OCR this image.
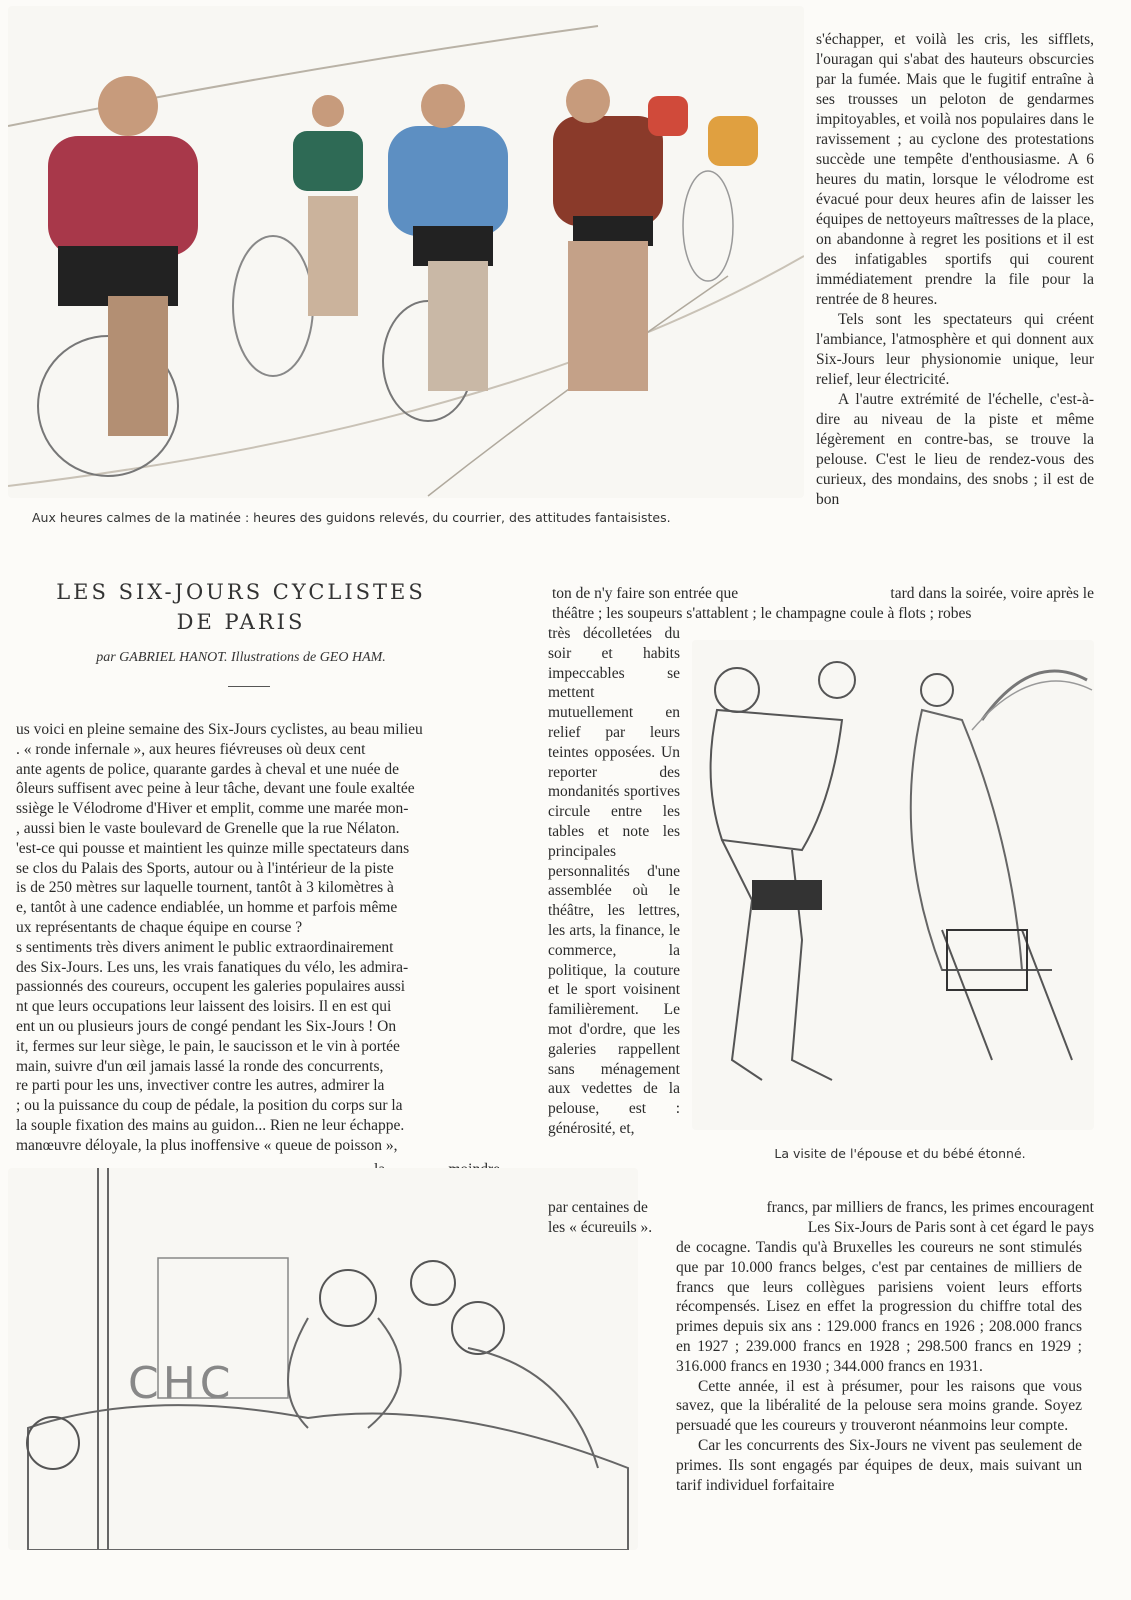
Aux heures calmes de la matinée : heures des guidons relevés, du courrier, des attitudes fantaisistes.

s'échapper, et voilà les cris, les sifflets, l'ouragan qui s'abat des hauteurs obscurcies par la fumée. Mais que le fugitif entraîne à ses trousses un peloton de gendarmes impitoyables, et voilà nos populaires dans le ravissement ; au cyclone des protestations succède une tempête d'enthousiasme. A 6 heures du matin, lorsque le vélodrome est évacué pour deux heures afin de laisser les équipes de nettoyeurs maîtresses de la place, on abandonne à regret les positions et il est des infatigables sportifs qui courent immédiatement prendre la file pour la rentrée de 8 heures.

Tels sont les spectateurs qui créent l'ambiance, l'atmosphère et qui donnent aux Six-Jours leur physionomie unique, leur relief, leur électricité.

A l'autre extrémité de l'échelle, c'est-à-dire au niveau de la piste et même légèrement en contre-bas, se trouve la pelouse. C'est le lieu de rendez-vous des curieux, des mondains, des snobs ; il est de bon

LES SIX-JOURS CYCLISTES
DE PARIS
par GABRIEL HANOT. Illustrations de GEO HAM.
ton de n'y faire son entrée que	tard dans la soirée, voire après le
théâtre ; les soupeurs s'attablent ; le champagne coule à flots ; robes
us voici en pleine semaine des Six-Jours cyclistes, au beau milieu
. « ronde infernale », aux heures fiévreuses où deux cent
ante agents de police, quarante gardes à cheval et une nuée de
ôleurs suffisent avec peine à leur tâche, devant une foule exaltée
ssiège le Vélodrome d'Hiver et emplit, comme une marée mon-
, aussi bien le vaste boulevard de Grenelle que la rue Nélaton.
'est-ce qui pousse et maintient les quinze mille spectateurs dans
se clos du Palais des Sports, autour ou à l'intérieur de la piste
is de 250 mètres sur laquelle tournent, tantôt à 3 kilomètres à
e, tantôt à une cadence endiablée, un homme et parfois même
ux représentants de chaque équipe en course ?
s sentiments très divers animent le public extraordinairement
des Six-Jours. Les uns, les vrais fanatiques du vélo, les admira-
passionnés des coureurs, occupent les galeries populaires aussi
nt que leurs occupations leur laissent des loisirs. Il en est qui
ent un ou plusieurs jours de congé pendant les Six-Jours ! On
it, fermes sur leur siège, le pain, le saucisson et le vin à portée
main, suivre d'un œil jamais lassé la ronde des concurrents,
re parti pour les uns, invectiver contre les autres, admirer la
; ou la puissance du coup de pédale, la position du corps sur la
la souple fixation des mains au guidon... Rien ne leur échappe.
manœuvre déloyale, la plus inoffensive « queue de poisson »,
très décolletées du soir et habits impeccables se mettent mutuellement en relief par leurs teintes opposées. Un reporter des mondanités sportives circule entre les tables et note les principales personnalités d'une assemblée où le théâtre, les lettres, les arts, la finance, le commerce, la politique, la couture et le sport voisinent familièrement. Le mot d'ordre, que les galeries rappellent sans ménagement aux vedettes de la pelouse, est : générosité, et,
La visite de l'épouse et du bébé étonné.
CHC
par centaines de	francs, par milliers de francs, les primes encouragent
les « écureuils ».	Les Six-Jours de Paris sont à cet égard le pays

de cocagne. Tandis qu'à Bruxelles les coureurs ne sont stimulés que par 10.000 francs belges, c'est par centaines de milliers de francs que leurs collègues parisiens voient leurs efforts récompensés. Lisez en effet la progression du chiffre total des primes depuis six ans : 129.000 francs en 1926 ; 208.000 francs en 1927 ; 239.000 francs en 1928 ; 298.500 francs en 1929 ; 316.000 francs en 1930 ; 344.000 francs en 1931.

Cette année, il est à présumer, pour les raisons que vous savez, que la libéralité de la pelouse sera moins grande. Soyez persuadé que les coureurs y trouveront néanmoins leur compte.

Car les concurrents des Six-Jours ne vivent pas seulement de primes. Ils sont engagés par équipes de deux, mais suivant un tarif individuel forfaitaire
